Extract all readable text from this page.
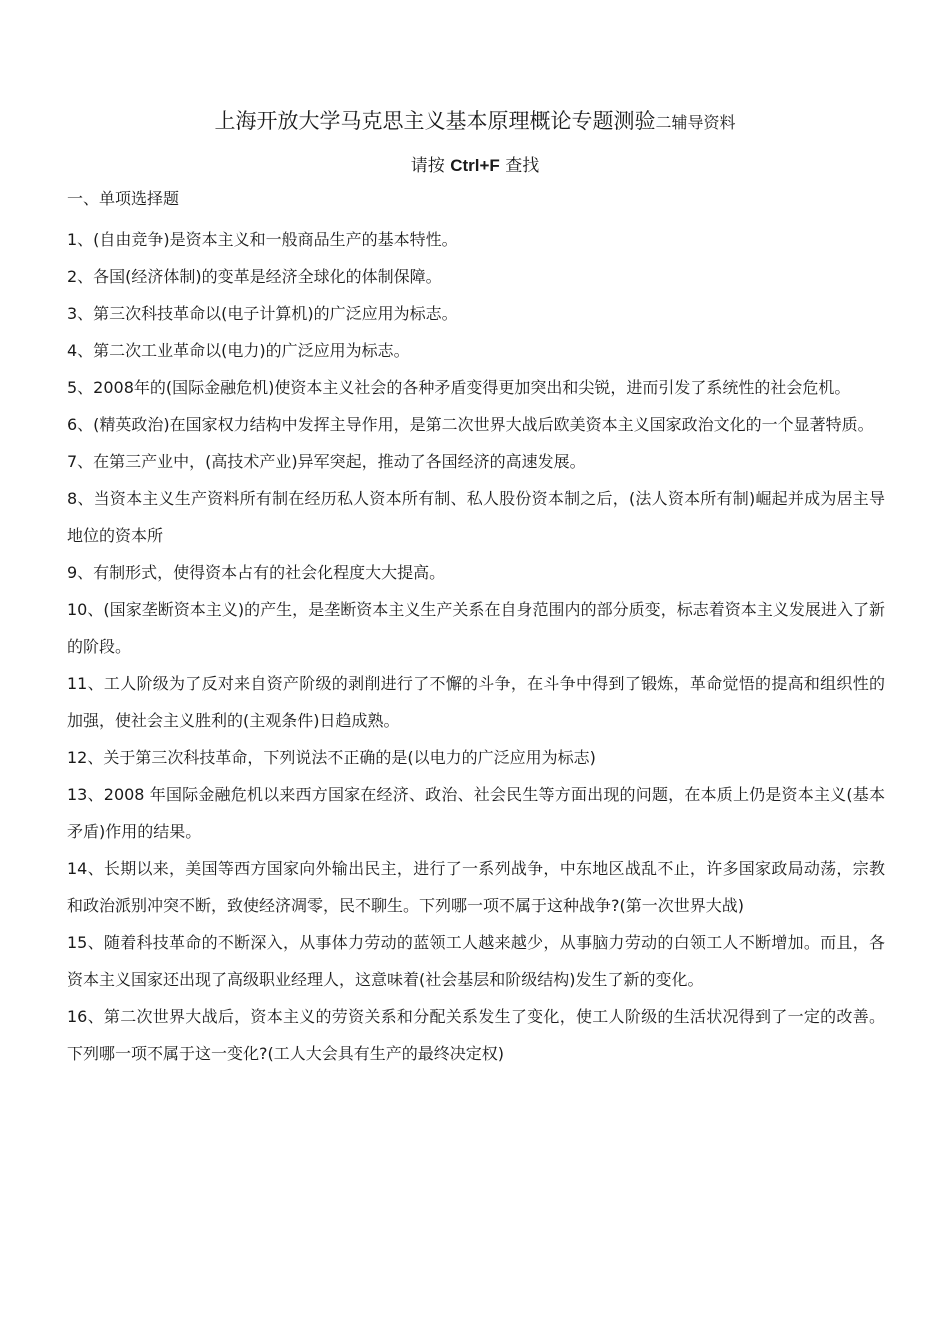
上海开放大学马克思主义基本原理概论专题测验二辅导资料
请按 Ctrl+F 查找
一、单项选择题

1、(自由竞争)是资本主义和一般商品生产的基本特性。

2、各国(经济体制)的变革是经济全球化的体制保障。

3、第三次科技革命以(电子计算机)的广泛应用为标志。

4、第二次工业革命以(电力)的广泛应用为标志。

5、2008年的(国际金融危机)使资本主义社会的各种矛盾变得更加突出和尖锐，进而引发了系统性的社会危机。

6、(精英政治)在国家权力结构中发挥主导作用，是第二次世界大战后欧美资本主义国家政治文化的一个显著特质。

7、在第三产业中，(高技术产业)异军突起，推动了各国经济的高速发展。

8、当资本主义生产资料所有制在经历私人资本所有制、私人股份资本制之后，(法人资本所有制)崛起并成为居主导地位的资本所

9、有制形式，使得资本占有的社会化程度大大提高。

10、(国家垄断资本主义)的产生，是垄断资本主义生产关系在自身范围内的部分质变，标志着资本主义发展进入了新的阶段。

11、工人阶级为了反对来自资产阶级的剥削进行了不懈的斗争，在斗争中得到了锻炼，革命觉悟的提高和组织性的加强，使社会主义胜利的(主观条件)日趋成熟。

12、关于第三次科技革命，下列说法不正确的是(以电力的广泛应用为标志)

13、2008 年国际金融危机以来西方国家在经济、政治、社会民生等方面出现的问题，在本质上仍是资本主义(基本矛盾)作用的结果。

14、长期以来，美国等西方国家向外输出民主，进行了一系列战争，中东地区战乱不止，许多国家政局动荡，宗教和政治派别冲突不断，致使经济凋零，民不聊生。下列哪一项不属于这种战争?(第一次世界大战)

15、随着科技革命的不断深入，从事体力劳动的蓝领工人越来越少，从事脑力劳动的白领工人不断增加。而且，各资本主义国家还出现了高级职业经理人，这意味着(社会基层和阶级结构)发生了新的变化。

16、第二次世界大战后，资本主义的劳资关系和分配关系发生了变化，使工人阶级的生活状况得到了一定的改善。下列哪一项不属于这一变化?(工人大会具有生产的最终决定权)
